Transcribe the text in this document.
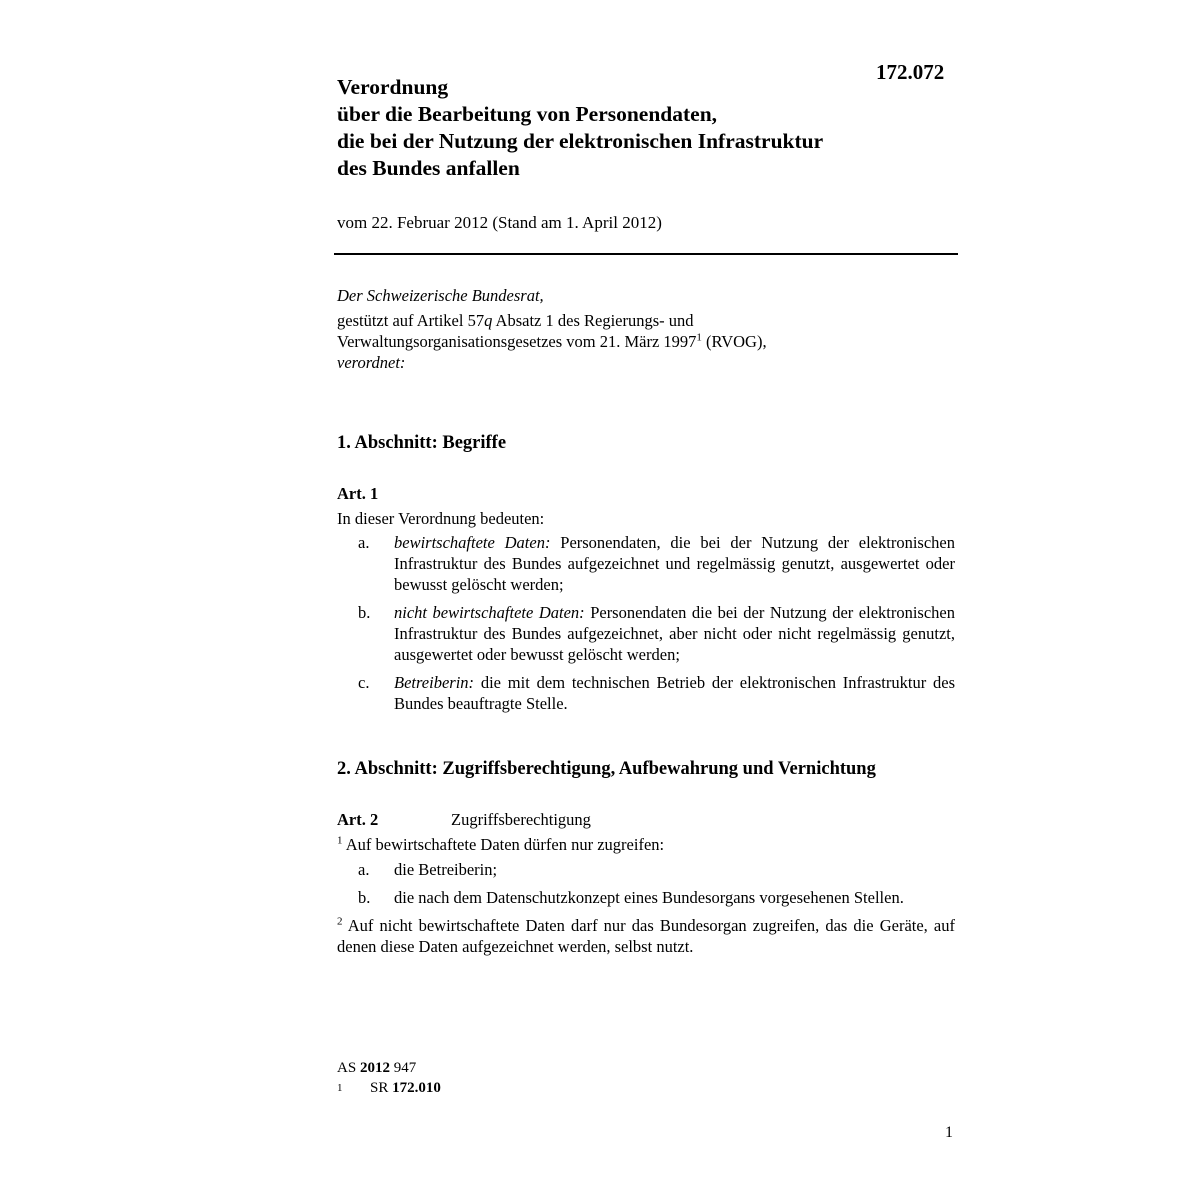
172.072
Verordnung
über die Bearbeitung von Personendaten,
die bei der Nutzung der elektronischen Infrastruktur
des Bundes anfallen
vom 22. Februar 2012 (Stand am 1. April 2012)
Der Schweizerische Bundesrat,
gestützt auf Artikel 57q Absatz 1 des Regierungs- und
Verwaltungsorganisationsgesetzes vom 21. März 1997$^1$ (RVOG),
verordnet:
1. Abschnitt: Begriffe
Art. 1
In dieser Verordnung bedeuten:
a.	bewirtschaftete Daten: Personendaten, die bei der Nutzung der elektronischen Infrastruktur des Bundes aufgezeichnet und regelmässig genutzt, ausgewertet oder bewusst gelöscht werden;
b.	nicht bewirtschaftete Daten: Personendaten die bei der Nutzung der elektronischen Infrastruktur des Bundes aufgezeichnet, aber nicht oder nicht regelmässig genutzt, ausgewertet oder bewusst gelöscht werden;
c.	Betreiberin: die mit dem technischen Betrieb der elektronischen Infrastruktur des Bundes beauftragte Stelle.
2. Abschnitt: Zugriffsberechtigung, Aufbewahrung und Vernichtung
Art. 2	Zugriffsberechtigung
$^1$ Auf bewirtschaftete Daten dürfen nur zugreifen:
a.	die Betreiberin;
b.	die nach dem Datenschutzkonzept eines Bundesorgans vorgesehenen Stellen.
$^2$ Auf nicht bewirtschaftete Daten darf nur das Bundesorgan zugreifen, das die Geräte, auf denen diese Daten aufgezeichnet werden, selbst nutzt.
AS 2012 947
1 SR 172.010
1
